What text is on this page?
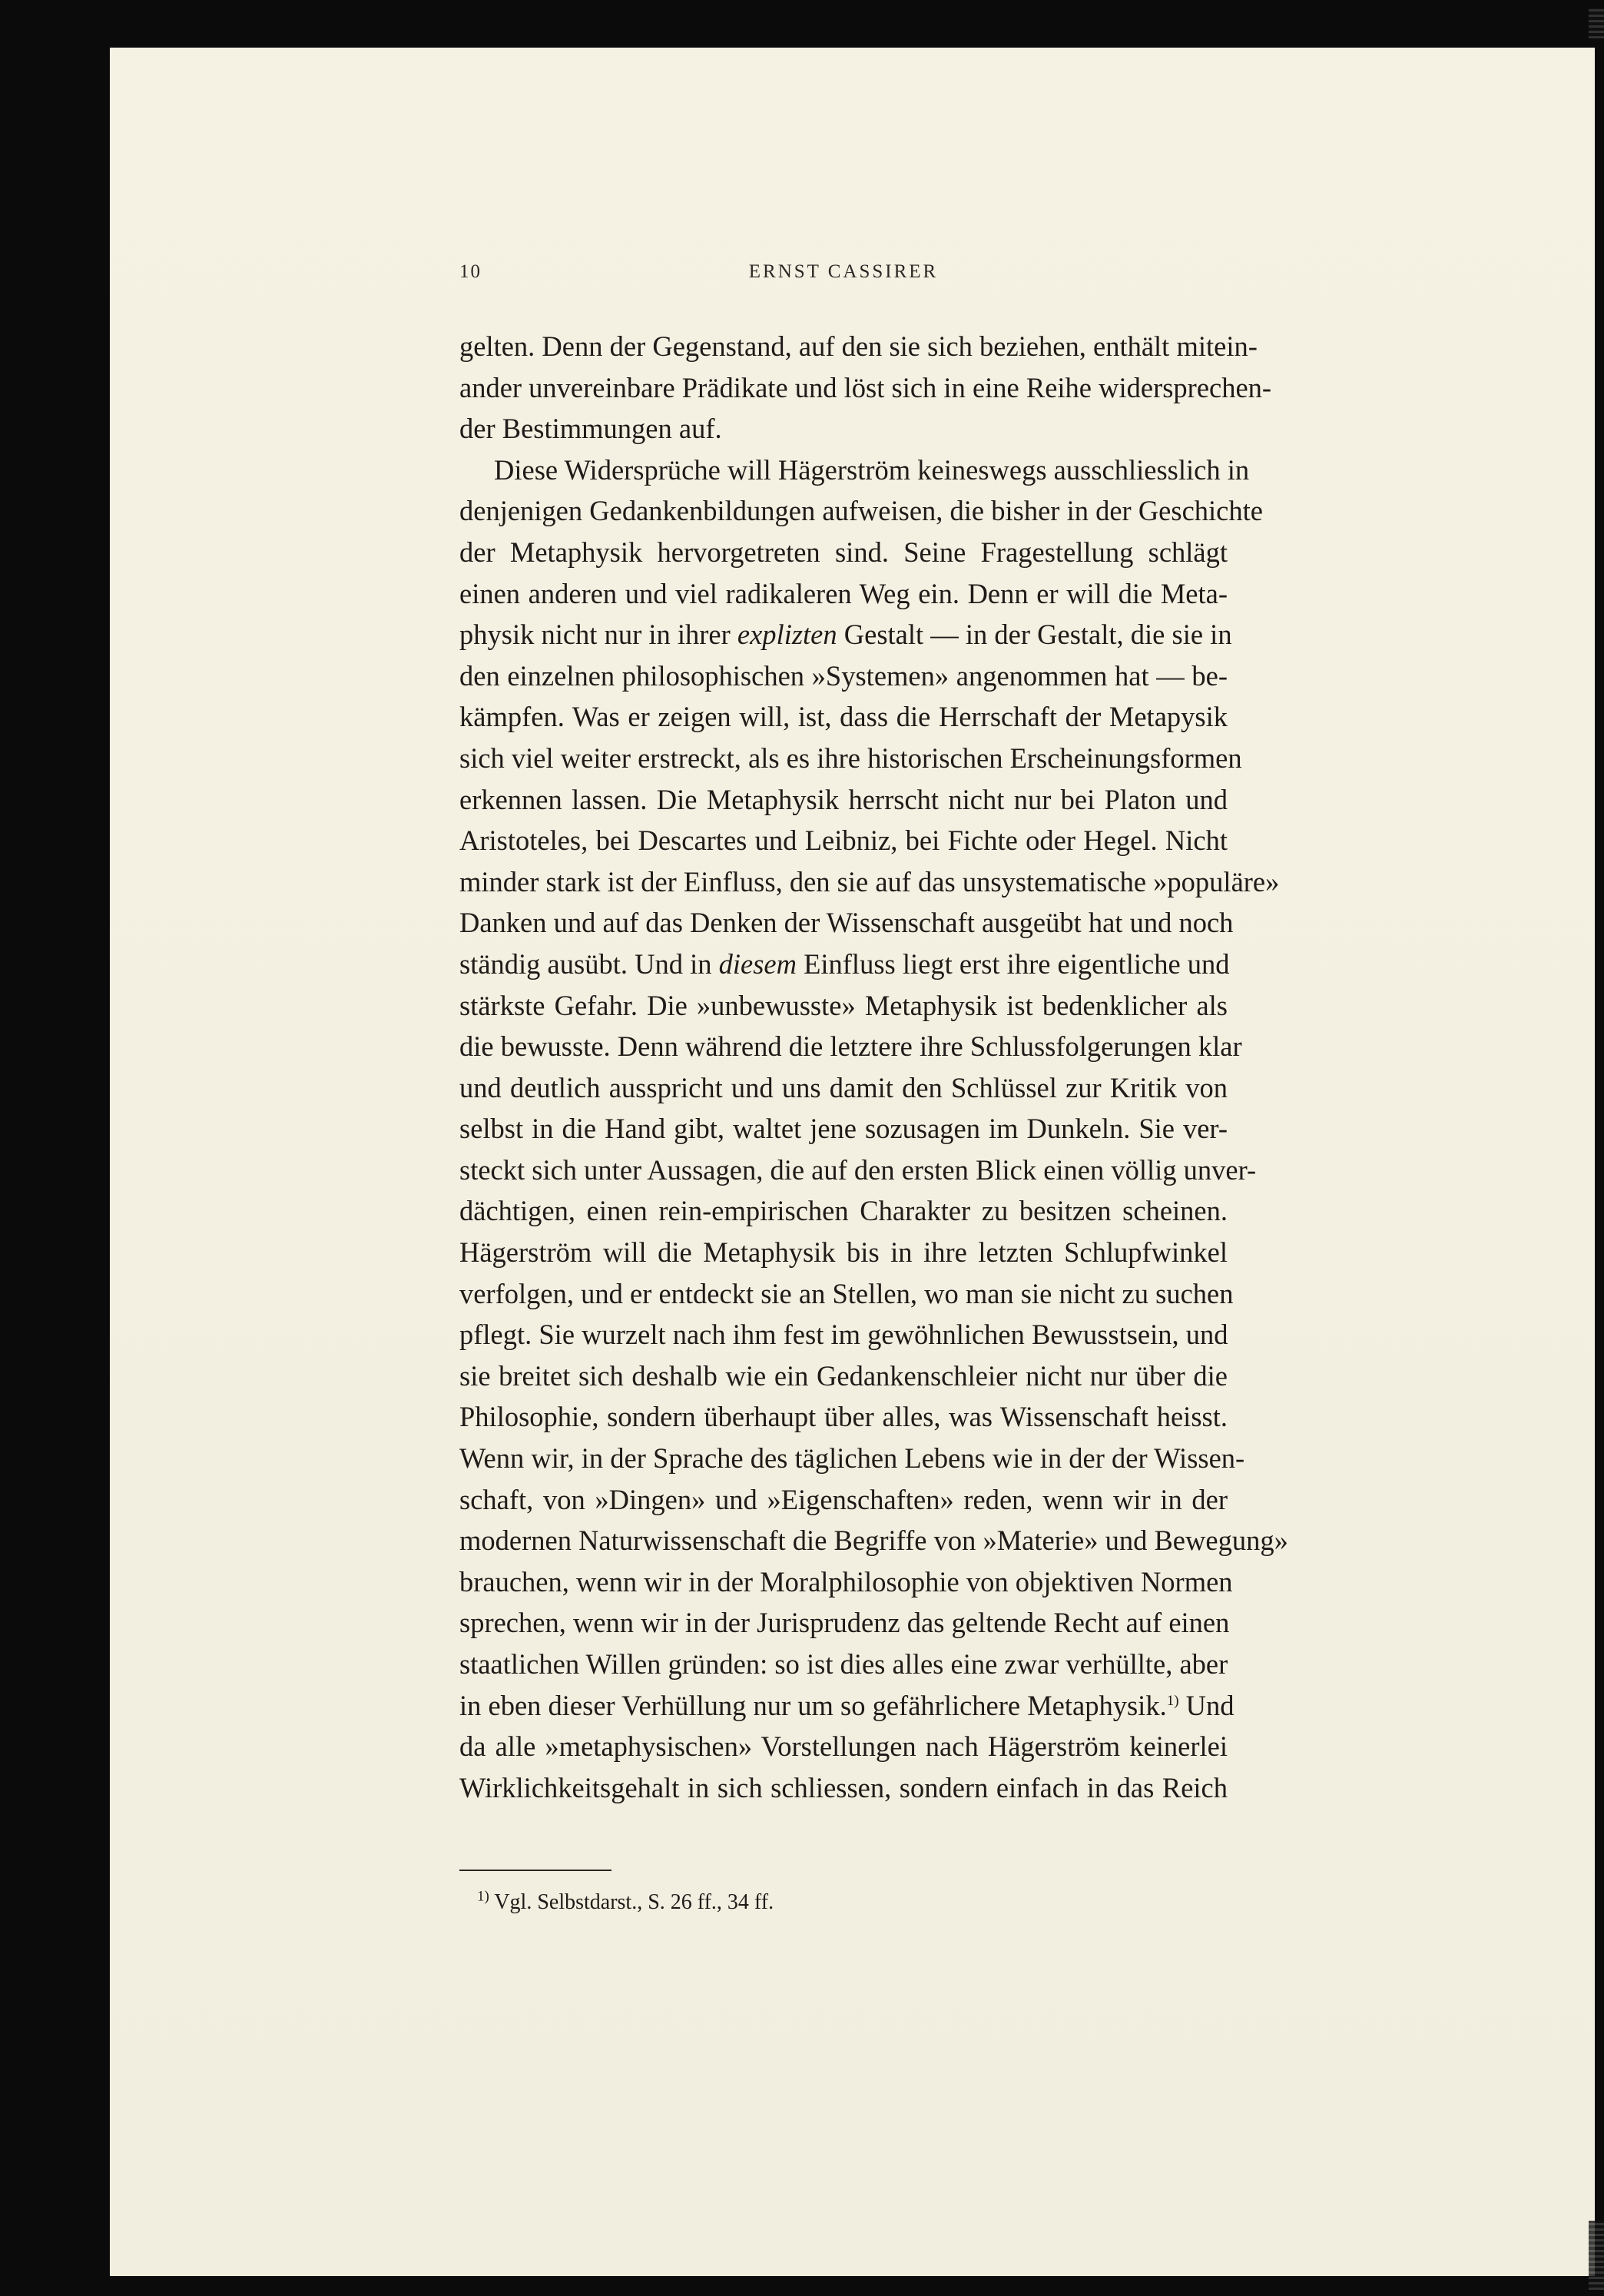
10	ERNST CASSIRER
gelten. Denn der Gegenstand, auf den sie sich beziehen, enthält mitein-
ander unvereinbare Prädikate und löst sich in eine Reihe widersprechen-
der Bestimmungen auf.
Diese Widersprüche will Hägerström keineswegs ausschliesslich in
denjenigen Gedankenbildungen aufweisen, die bisher in der Geschichte
der Metaphysik hervorgetreten sind. Seine Fragestellung schlägt
einen anderen und viel radikaleren Weg ein. Denn er will die Meta-
physik nicht nur in ihrer explizten Gestalt — in der Gestalt, die sie in
den einzelnen philosophischen »Systemen» angenommen hat — be-
kämpfen. Was er zeigen will, ist, dass die Herrschaft der Metapysik
sich viel weiter erstreckt, als es ihre historischen Erscheinungsformen
erkennen lassen. Die Metaphysik herrscht nicht nur bei Platon und
Aristoteles, bei Descartes und Leibniz, bei Fichte oder Hegel. Nicht
minder stark ist der Einfluss, den sie auf das unsystematische »populäre»
Danken und auf das Denken der Wissenschaft ausgeübt hat und noch
ständig ausübt. Und in diesem Einfluss liegt erst ihre eigentliche und
stärkste Gefahr. Die »unbewusste» Metaphysik ist bedenklicher als
die bewusste. Denn während die letztere ihre Schlussfolgerungen klar
und deutlich ausspricht und uns damit den Schlüssel zur Kritik von
selbst in die Hand gibt, waltet jene sozusagen im Dunkeln. Sie ver-
steckt sich unter Aussagen, die auf den ersten Blick einen völlig unver-
dächtigen, einen rein-empirischen Charakter zu besitzen scheinen.
Hägerström will die Metaphysik bis in ihre letzten Schlupfwinkel
verfolgen, und er entdeckt sie an Stellen, wo man sie nicht zu suchen
pflegt. Sie wurzelt nach ihm fest im gewöhnlichen Bewusstsein, und
sie breitet sich deshalb wie ein Gedankenschleier nicht nur über die
Philosophie, sondern überhaupt über alles, was Wissenschaft heisst.
Wenn wir, in der Sprache des täglichen Lebens wie in der der Wissen-
schaft, von »Dingen» und »Eigenschaften» reden, wenn wir in der
modernen Naturwissenschaft die Begriffe von »Materie» und Bewegung»
brauchen, wenn wir in der Moralphilosophie von objektiven Normen
sprechen, wenn wir in der Jurisprudenz das geltende Recht auf einen
staatlichen Willen gründen: so ist dies alles eine zwar verhüllte, aber
in eben dieser Verhüllung nur um so gefährlichere Metaphysik.$^{1)}$ Und
da alle »metaphysischen» Vorstellungen nach Hägerström keinerlei
Wirklichkeitsgehalt in sich schliessen, sondern einfach in das Reich
$^{1)}$ Vgl. Selbstdarst., S. 26 ff., 34 ff.
